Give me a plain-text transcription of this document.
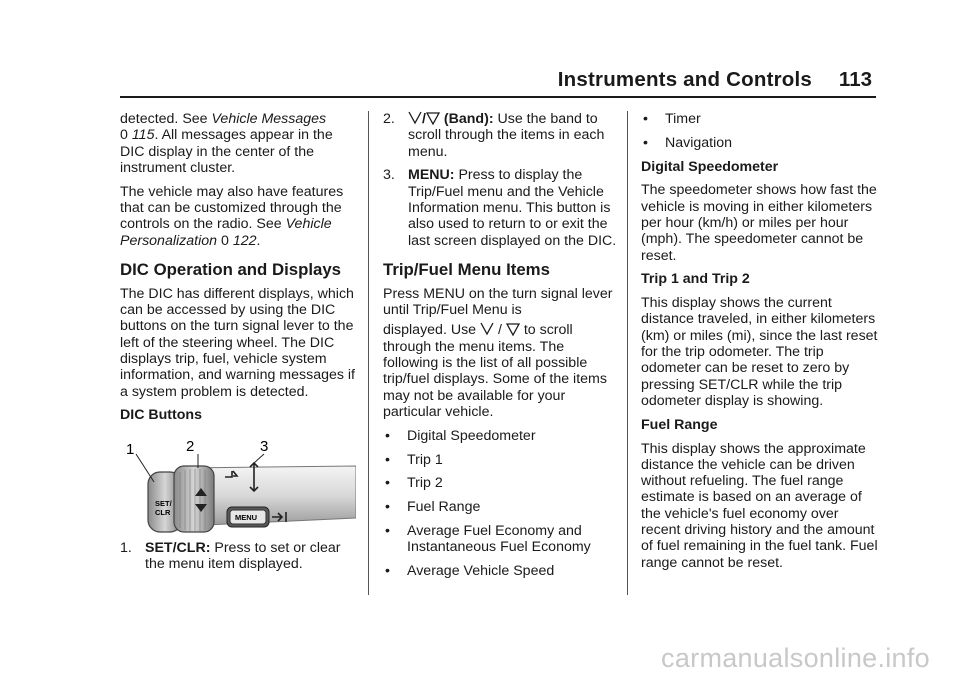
Instruments and Controls 113

detected. See Vehicle Messages
0 115. All messages appear in the DIC display in the center of the instrument cluster.

The vehicle may also have features that can be customized through the controls on the radio. See Vehicle Personalization 0 122.

DIC Operation and Displays

The DIC has different displays, which can be accessed by using the DIC buttons on the turn signal lever to the left of the steering wheel. The DIC displays trip, fuel, vehicle system information, and warning messages if a system problem is detected.

DIC Buttons
1	2	3
SET/
CLR
MENU
1. SET/CLR: Press to set or clear the menu item displayed.
2.	/ (Band): Use the band to scroll through the items in each menu.
3. MENU: Press to display the Trip/Fuel menu and the Vehicle Information menu. This button is also used to return to or exit the last screen displayed on the DIC.
Trip/Fuel Menu Items

Press MENU on the turn signal lever until Trip/Fuel Menu is

displayed. Use / to scroll

through the menu items. The following is the list of all possible trip/fuel displays. Some of the items may not be available for your particular vehicle.

•	Digital Speedometer
•	Trip 1
•	Trip 2
•	Fuel Range
•	Average Fuel Economy and Instantaneous Fuel Economy
•	Average Vehicle Speed
•	Timer
•	Navigation
Digital Speedometer

The speedometer shows how fast the vehicle is moving in either kilometers per hour (km/h) or miles per hour (mph). The speedometer cannot be reset.

Trip 1 and Trip 2

This display shows the current distance traveled, in either kilometers (km) or miles (mi), since the last reset for the trip odometer. The trip odometer can be reset to zero by pressing SET/CLR while the trip odometer display is showing.

Fuel Range

This display shows the approximate distance the vehicle can be driven without refueling. The fuel range estimate is based on an average of the vehicle's fuel economy over recent driving history and the amount of fuel remaining in the fuel tank. Fuel range cannot be reset.

carmanualsonline.info
